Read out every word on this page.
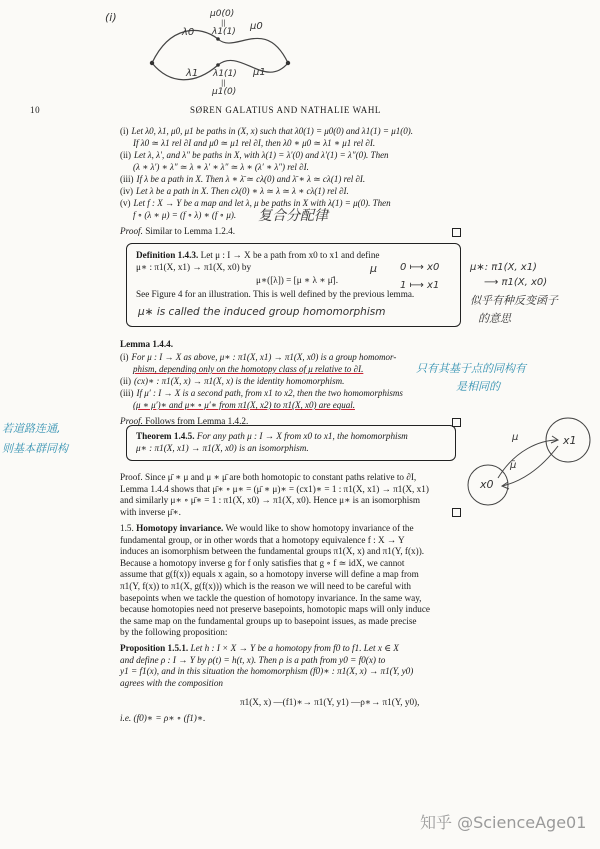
(i)	μ0(0)
||
λ1(1)
λ0
μ0
λ1	μ1
λ1(1)
||
μ1(0)
10	SØREN GALATIUS AND NATHALIE WAHL
(i) Let λ0, λ1, μ0, μ1 be paths in (X, x) such that λ0(1) = μ0(0) and λ1(1) = μ1(0).
If λ0 ≃ λ1 rel ∂I and μ0 ≃ μ1 rel ∂I, then λ0 ∗ μ0 ≃ λ1 ∗ μ1 rel ∂I.
(ii) Let λ, λ′, and λ″ be paths in X, with λ(1) = λ′(0) and λ′(1) = λ″(0). Then
(λ ∗ λ′) ∗ λ″ ≃ λ ∗ λ′ ∗ λ″ ≃ λ ∗ (λ′ ∗ λ″) rel ∂I.
(iii) If λ be a path in X. Then λ ∗ λ̄ ≃ cλ(0) and λ̄ ∗ λ ≃ cλ(1) rel ∂I.
(iv) Let λ be a path in X. Then cλ(0) ∗ λ ≃ λ ≃ λ ∗ cλ(1) rel ∂I.
(v) Let f : X → Y be a map and let λ, μ be paths in X with λ(1) = μ(0). Then
f ∘ (λ ∗ μ) = (f ∘ λ) ∗ (f ∘ μ).	复合分配律
Proof. Similar to Lemma 1.2.4.
Definition 1.4.3. Let μ : I → X be a path from x0 to x1 and define
μ∗ : π1(X, x1) → π1(X, x0) by
μ∗([λ]) = [μ ∗ λ ∗ μ̄].
See Figure 4 for an illustration. This is well defined by the previous lemma.
μ∗ is called the induced group homomorphism
μ 0 ⟼ x0
1 ⟼ x1
μ∗: π1(X, x1)
⟶ π1(X, x0)
似乎有种反变函子
的意思
Lemma 1.4.4.
(i) For μ : I → X as above, μ∗ : π1(X, x1) → π1(X, x0) is a group homomor-
phism, depending only on the homotopy class of μ relative to ∂I.
(ii) (cx)∗ : π1(X, x) → π1(X, x) is the identity homomorphism.
(iii) If μ′ : I → X is a second path, from x1 to x2, then the two homomorphisms
(μ ∗ μ′)∗ and μ∗ ∘ μ′∗ from π1(X, x2) to π1(X, x0) are equal.
只有其基于点的同构有
是相同的
Proof. Follows from Lemma 1.4.2.
若道路连通,
则基本群同构
Theorem 1.4.5. For any path μ : I → X from x0 to x1, the homomorphism
μ∗ : π1(X, x1) → π1(X, x0) is an isomorphism.
μ
μ̄
x1
x0
Proof. Since μ̄ ∗ μ and μ ∗ μ̄ are both homotopic to constant paths relative to ∂I,
Lemma 1.4.4 shows that μ̄∗ ∘ μ∗ = (μ̄ ∗ μ)∗ = (cx1)∗ = 1 : π1(X, x1) → π1(X, x1)
and similarly μ∗ ∘ μ̄∗ = 1 : π1(X, x0) → π1(X, x0). Hence μ∗ is an isomorphism
with inverse μ̄∗.
1.5. Homotopy invariance. We would like to show homotopy invariance of the
fundamental group, or in other words that a homotopy equivalence f : X → Y
induces an isomorphism between the fundamental groups π1(X, x) and π1(Y, f(x)).
Because a homotopy inverse g for f only satisfies that g ∘ f ≃ idX, we cannot
assume that g(f(x)) equals x again, so a homotopy inverse will define a map from
π1(Y, f(x)) to π1(X, g(f(x))) which is the reason we will need to be careful with
basepoints when we tackle the question of homotopy invariance. In the same way,
because homotopies need not preserve basepoints, homotopic maps will only induce
the same map on the fundamental groups up to basepoint issues, as made precise
by the following proposition:
Proposition 1.5.1. Let h : I × X → Y be a homotopy from f0 to f1. Let x ∈ X
and define ρ : I → Y by ρ(t) = h(t, x). Then ρ is a path from y0 = f0(x) to
y1 = f1(x), and in this situation the homomorphism (f0)∗ : π1(X, x) → π1(Y, y0)
agrees with the composition
π1(X, x) —(f1)∗→ π1(Y, y1) —ρ∗→ π1(Y, y0),
i.e. (f0)∗ = ρ∗ ∘ (f1)∗.
知乎 @ScienceAge01
